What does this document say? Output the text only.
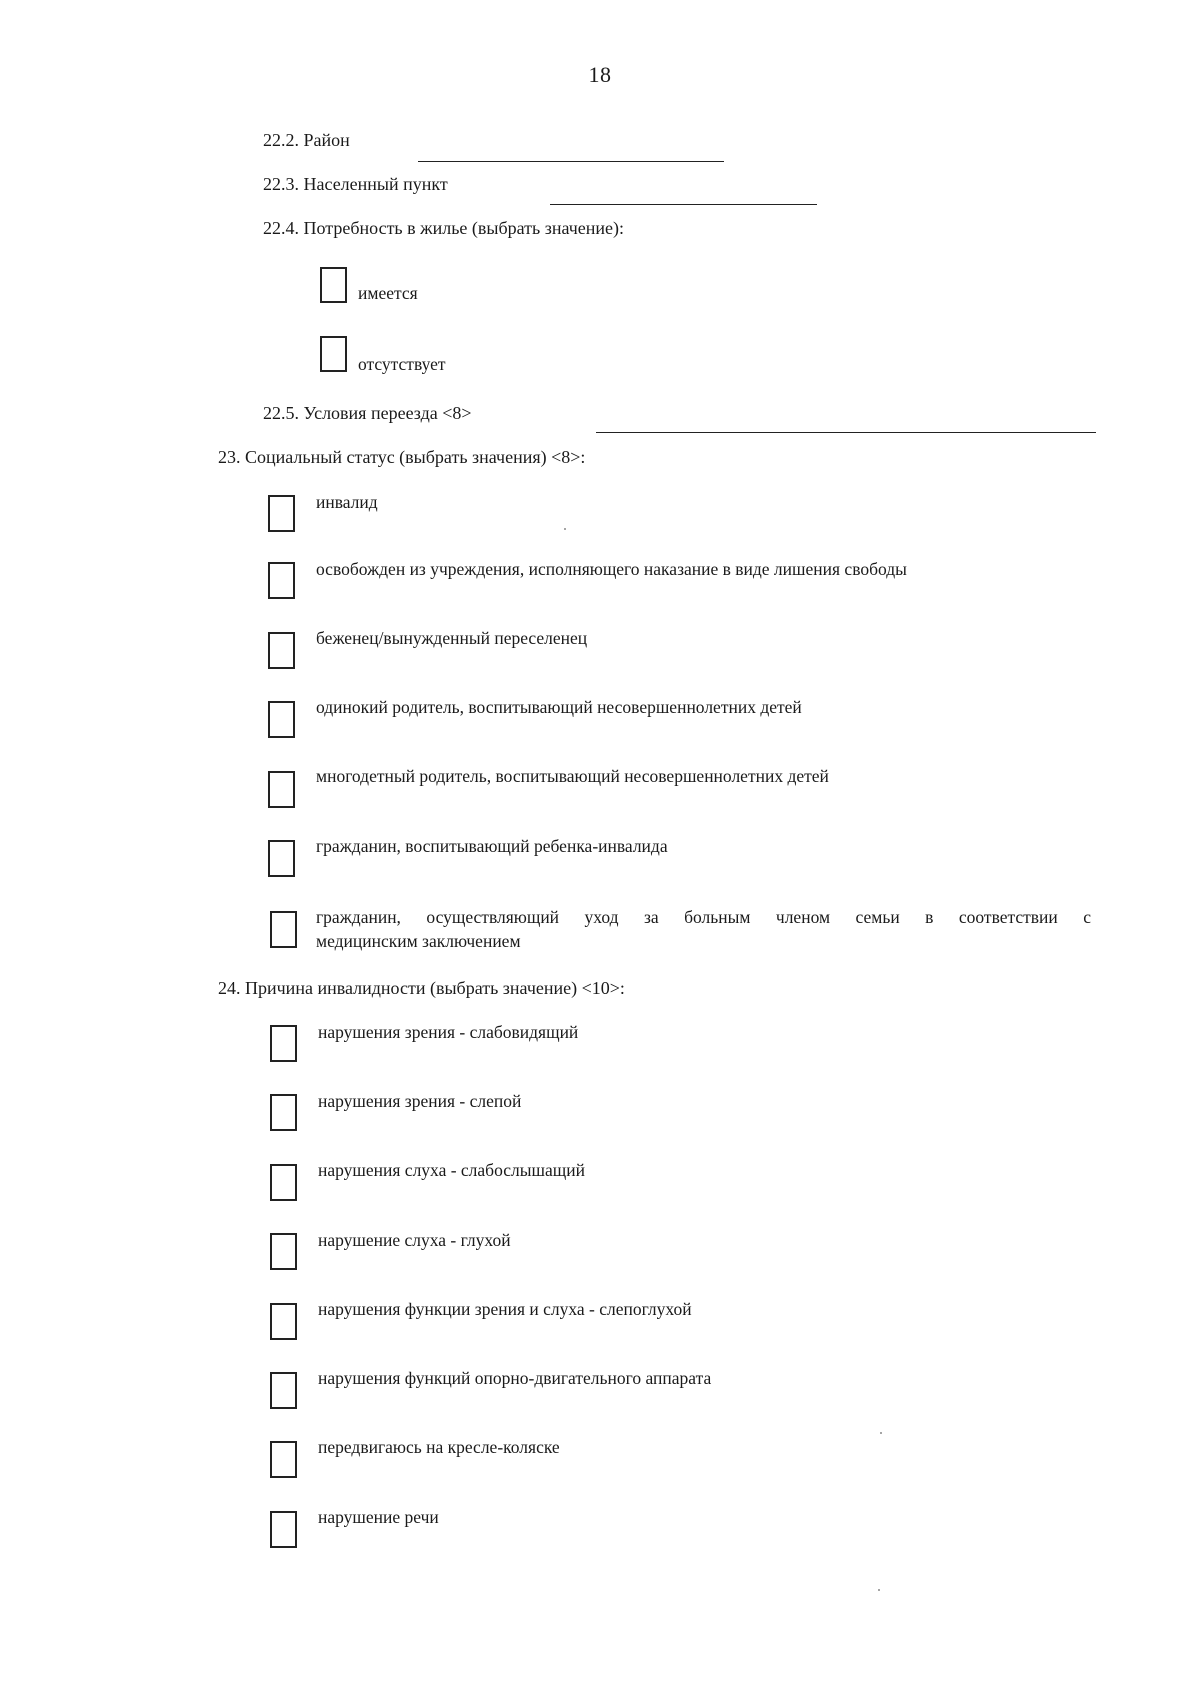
18
22.2. Район
22.3. Населенный пункт
22.4. Потребность в жилье (выбрать значение):
имеется
отсутствует
22.5. Условия переезда <8>
23. Социальный статус (выбрать значения) <8>:
инвалид
освобожден из учреждения, исполняющего наказание в виде лишения свободы
беженец/вынужденный переселенец
одинокий родитель, воспитывающий несовершеннолетних детей
многодетный родитель, воспитывающий несовершеннолетних детей
гражданин, воспитывающий ребенка-инвалида
гражданин, осуществляющий уход за больным членом семьи в соответствии с
медицинским заключением
24. Причина инвалидности (выбрать значение) <10>:
нарушения зрения - слабовидящий
нарушения зрения - слепой
нарушения слуха - слабослышащий
нарушение слуха - глухой
нарушения функции зрения и слуха - слепоглухой
нарушения функций опорно-двигательного аппарата
передвигаюсь на кресле-коляске
нарушение речи
